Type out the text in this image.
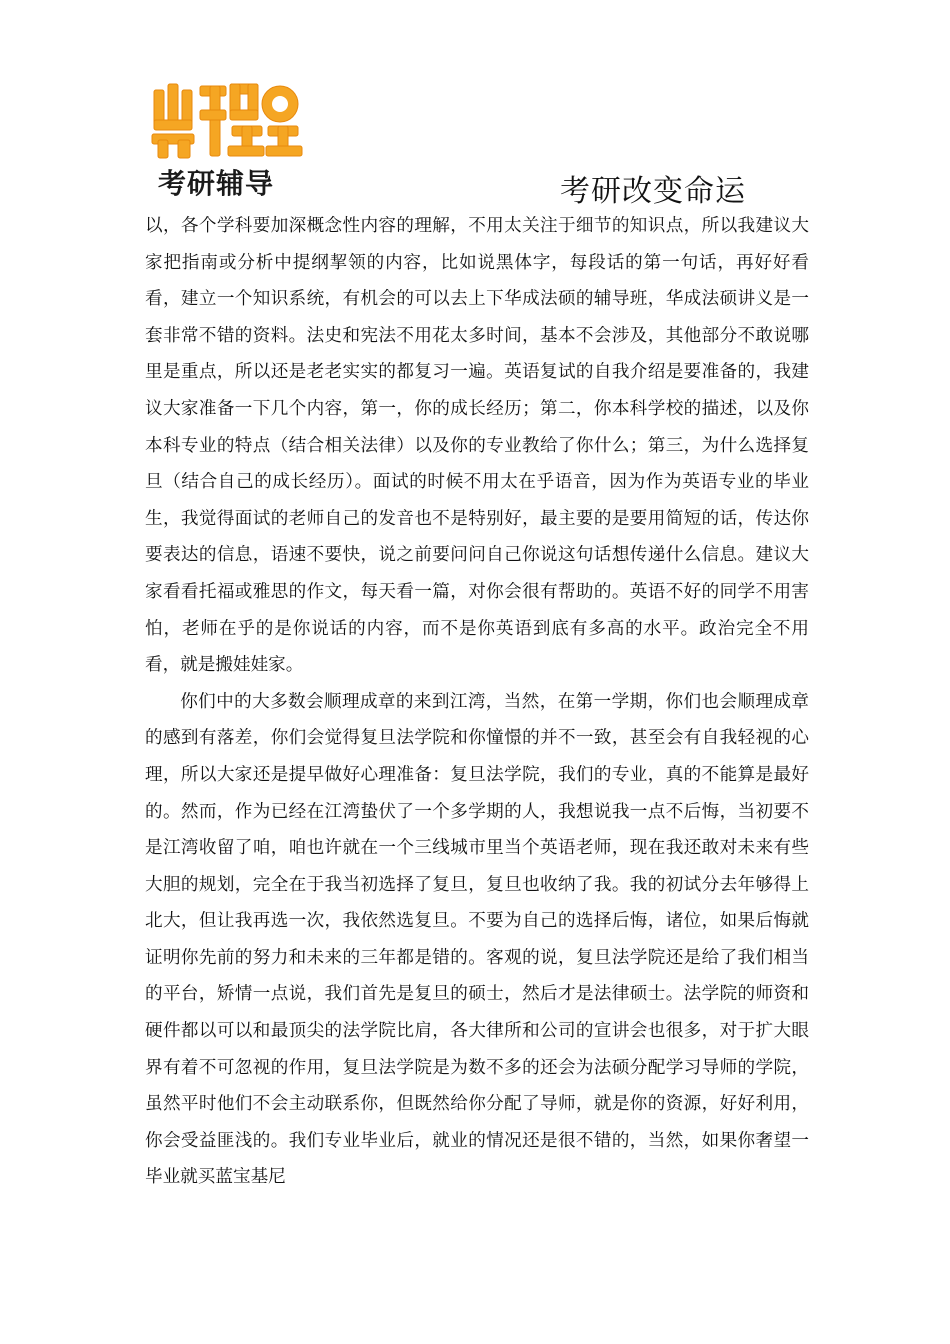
考研辅导	考研改变命运

以，各个学科要加深概念性内容的理解，不用太关注于细节的知识点，所以我建议大家把指南或分析中提纲挈领的内容，比如说黑体字，每段话的第一句话，再好好看看，建立一个知识系统，有机会的可以去上下华成法硕的辅导班，华成法硕讲义是一套非常不错的资料。法史和宪法不用花太多时间，基本不会涉及，其他部分不敢说哪里是重点，所以还是老老实实的都复习一遍。英语复试的自我介绍是要准备的，我建议大家准备一下几个内容，第一，你的成长经历；第二，你本科学校的描述，以及你本科专业的特点（结合相关法律）以及你的专业教给了你什么；第三，为什么选择复旦（结合自己的成长经历）。面试的时候不用太在乎语音，因为作为英语专业的毕业生，我觉得面试的老师自己的发音也不是特别好，最主要的是要用简短的话，传达你要表达的信息，语速不要快，说之前要问问自己你说这句话想传递什么信息。建议大家看看托福或雅思的作文，每天看一篇，对你会很有帮助的。英语不好的同学不用害怕，老师在乎的是你说话的内容，而不是你英语到底有多高的水平。政治完全不用看，就是搬娃娃家。

你们中的大多数会顺理成章的来到江湾，当然，在第一学期，你们也会顺理成章的感到有落差，你们会觉得复旦法学院和你憧憬的并不一致，甚至会有自我轻视的心理，所以大家还是提早做好心理准备：复旦法学院，我们的专业，真的不能算是最好的。然而，作为已经在江湾蛰伏了一个多学期的人，我想说我一点不后悔，当初要不是江湾收留了咱，咱也许就在一个三线城市里当个英语老师，现在我还敢对未来有些大胆的规划，完全在于我当初选择了复旦，复旦也收纳了我。我的初试分去年够得上北大，但让我再选一次，我依然选复旦。不要为自己的选择后悔，诸位，如果后悔就证明你先前的努力和未来的三年都是错的。客观的说，复旦法学院还是给了我们相当的平台，矫情一点说，我们首先是复旦的硕士，然后才是法律硕士。法学院的师资和硬件都以可以和最顶尖的法学院比肩，各大律所和公司的宣讲会也很多，对于扩大眼界有着不可忽视的作用，复旦法学院是为数不多的还会为法硕分配学习导师的学院，虽然平时他们不会主动联系你，但既然给你分配了导师，就是你的资源，好好利用，你会受益匪浅的。我们专业毕业后，就业的情况还是很不错的，当然，如果你奢望一毕业就买蓝宝基尼
